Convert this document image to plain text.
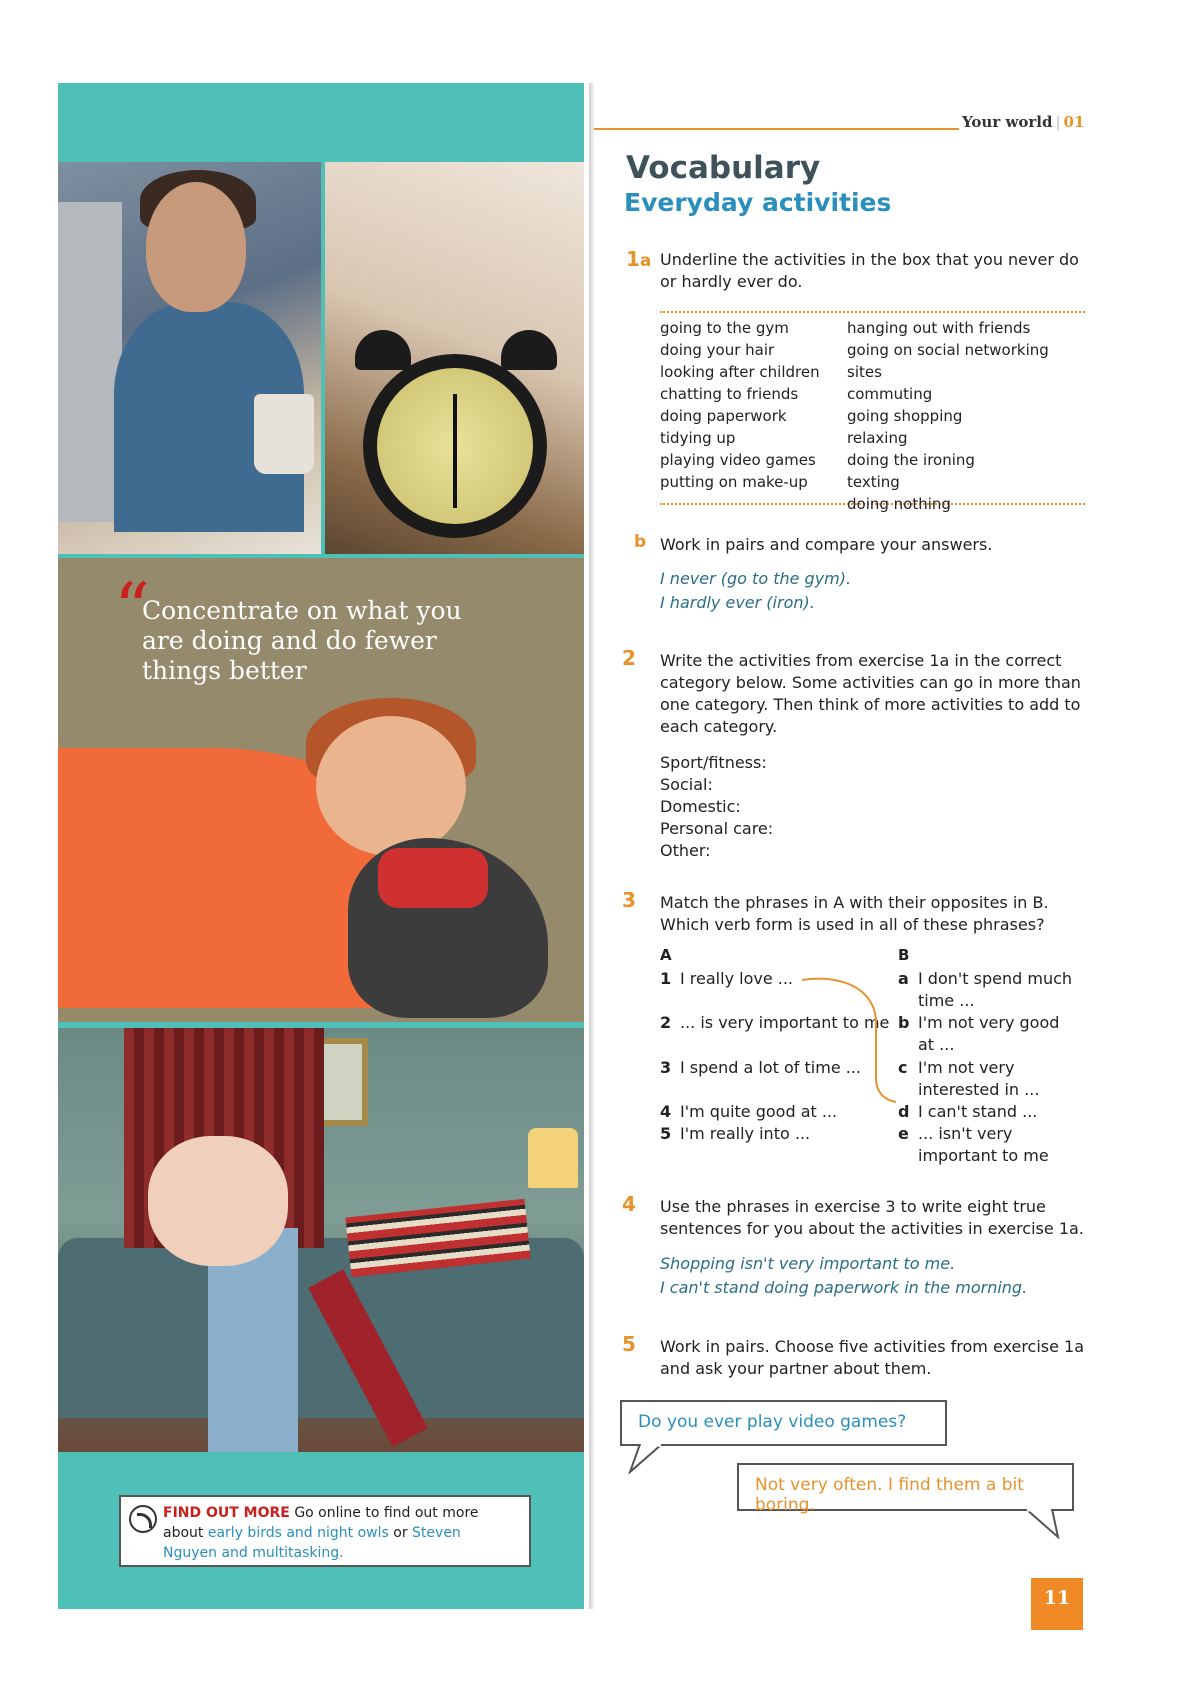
“
Concentrate on what you are doing and do fewer things better
FIND OUT MORE Go online to find out more about early birds and night owls or Steven Nguyen and multitasking.
Your world | 01
Vocabulary
Everyday activities
1a Underline the activities in the box that you never do or hardly ever do.
going to the gym
doing your hair
looking after children
chatting to friends
doing paperwork
tidying up
playing video games
putting on make-up
hanging out with friends
going on social networking sites
commuting
going shopping
relaxing
doing the ironing
texting
doing nothing
b Work in pairs and compare your answers.
I never (go to the gym).
I hardly ever (iron).
2 Write the activities from exercise 1a in the correct category below. Some activities can go in more than one category. Then think of more activities to add to each category.
Sport/fitness:
Social:
Domestic:
Personal care:
Other:
3 Match the phrases in A with their opposites in B. Which verb form is used in all of these phrases?
A	B
1 I really love ...
2 ... is very important to me
3 I spend a lot of time ...
4 I'm quite good at ...
5 I'm really into ...
a I don't spend much
time ...
b I'm not very good
at ...
c I'm not very
interested in ...
d I can't stand ...
e ... isn't very
important to me
4 Use the phrases in exercise 3 to write eight true sentences for you about the activities in exercise 1a.
Shopping isn't very important to me.
I can't stand doing paperwork in the morning.
5 Work in pairs. Choose five activities from exercise 1a and ask your partner about them.
Do you ever play video games?
Not very often. I find them a bit boring.
11
